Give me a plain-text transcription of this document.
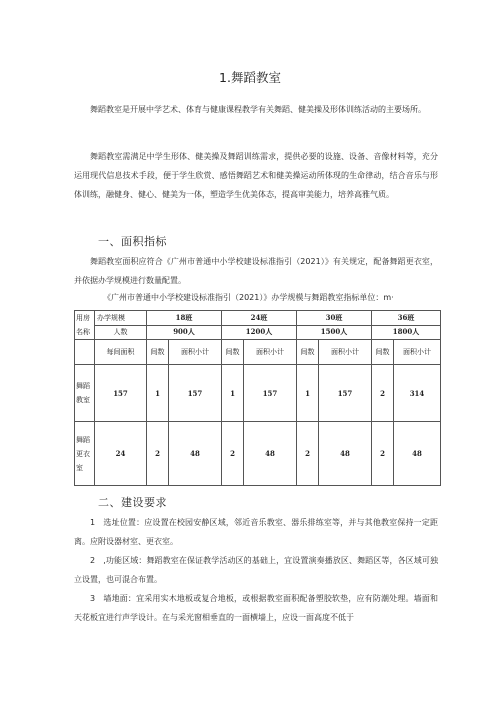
1.舞蹈教室

舞蹈教室是开展中学艺术、体育与健康课程教学有关舞蹈、健美操及形体训练活动的主要场所。

舞蹈教室需满足中学生形体、健美操及舞蹈训练需求，提供必要的设施、设备、音像材料等，充分运用现代信息技术手段，便于学生欣赏、感悟舞蹈艺术和健美操运动所体现的生命律动，结合音乐与形体训练，融健身、健心、健美为一体，塑造学生优美体态，提高审美能力，培养高雅气质。

一、面积指标

舞蹈教室面积应符合《广州市普通中小学校建设标准指引（2021）》有关规定，配备舞蹈更衣室，并依据办学规模进行数量配置。

《广州市普通中小学校建设标准指引（2021）》办学规模与舞蹈教室指标单位：m·
用房名称	办学规模	18班		24班		30班		36班	
	人数	900人		1200人		1500人		1800人	
	每间面积	间数	面积小计	间数	面积小计	间数	面积小计	间数	面积小计
舞蹈教室	157	1	157	1	157	1	157	2	314
舞蹈更衣室	24	2	48	2	48	2	48	2	48
二、建设要求

1　选址位置：应设置在校园安静区域，邻近音乐教室、器乐排练室等，并与其他教室保持一定距离。应附设器材室、更衣室。

2　,功能区域：舞蹈教室在保证教学活动区的基础上，宜设置演奏播放区、舞蹈区等，各区域可独立设置，也可混合布置。

3　墙地面：宜采用实木地板或复合地板，或根据教室面积配备塑胶软垫，应有防潮处理。墙面和天花板宜进行声学设计。在与采光窗相垂直的一面横墙上，应设一面高度不低于
